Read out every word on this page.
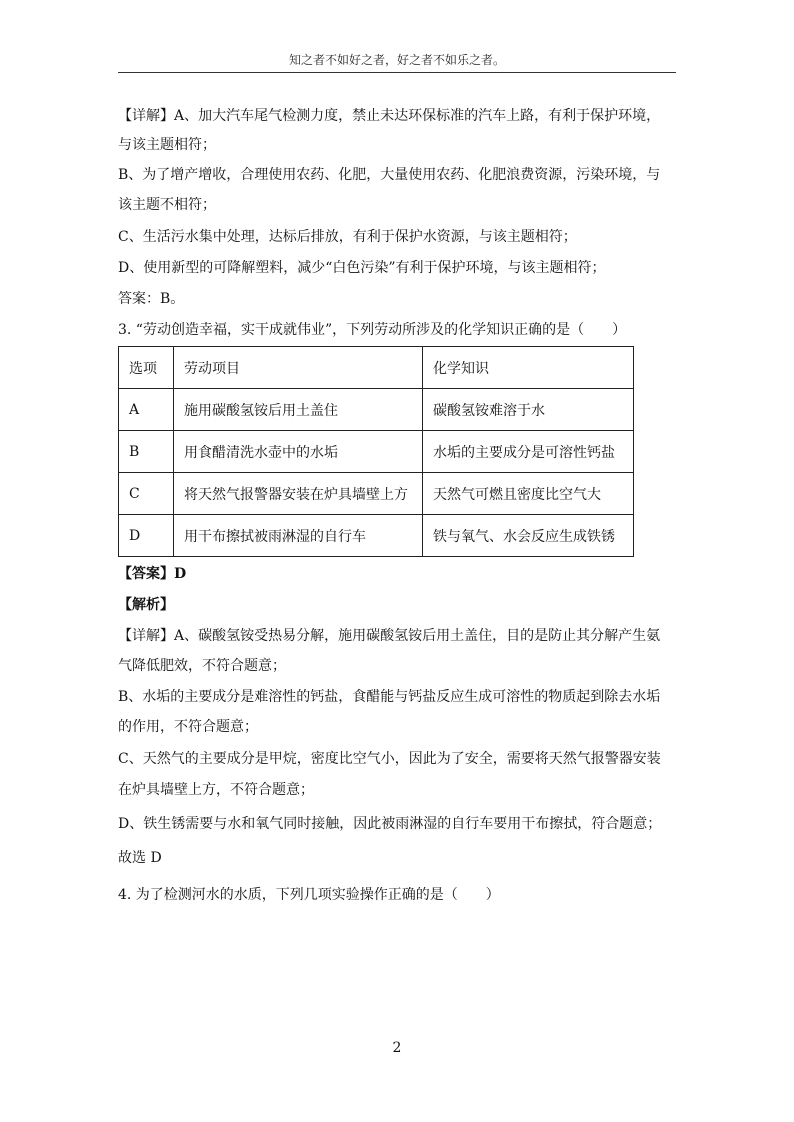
知之者不如好之者，好之者不如乐之者。
【详解】A、加大汽车尾气检测力度，禁止未达环保标准的汽车上路，有利于保护环境，
与该主题相符；
B、为了增产增收，合理使用农药、化肥，大量使用农药、化肥浪费资源，污染环境，与
该主题不相符；
C、生活污水集中处理，达标后排放，有利于保护水资源，与该主题相符；
D、使用新型的可降解塑料，减少“白色污染”有利于保护环境，与该主题相符；
答案：B。
3. “劳动创造幸福，实干成就伟业”，下列劳动所涉及的化学知识正确的是（　　）
选项	劳动项目	化学知识
A	施用碳酸氢铵后用土盖住	碳酸氢铵难溶于水
B	用食醋清洗水壶中的水垢	水垢的主要成分是可溶性钙盐
C	将天然气报警器安装在炉具墙壁上方	天然气可燃且密度比空气大
D	用干布擦拭被雨淋湿的自行车	铁与氧气、水会反应生成铁锈
【答案】D
【解析】
【详解】A、碳酸氢铵受热易分解，施用碳酸氢铵后用土盖住，目的是防止其分解产生氨
气降低肥效，不符合题意；
B、水垢的主要成分是难溶性的钙盐，食醋能与钙盐反应生成可溶性的物质起到除去水垢
的作用，不符合题意；
C、天然气的主要成分是甲烷，密度比空气小，因此为了安全，需要将天然气报警器安装
在炉具墙壁上方，不符合题意；
D、铁生锈需要与水和氧气同时接触，因此被雨淋湿的自行车要用干布擦拭，符合题意；
故选 D
4. 为了检测河水的水质，下列几项实验操作正确的是（　　）
2
